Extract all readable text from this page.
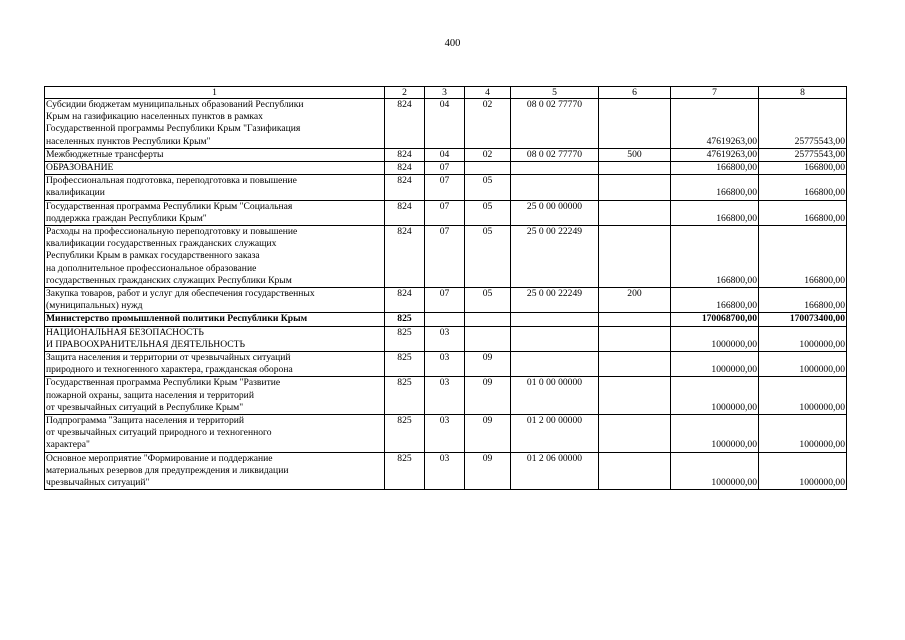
400
1	2	3	4	5	6	7	8

Субсидии бюджетам муниципальных образований Республики
Крым на газификацию населенных пунктов в рамках
Государственной программы Республики Крым "Газификация
населенных пунктов Республики Крым"	824	04	02	08 0 02 77770		47619263,00	25775543,00

Межбюджетные трансферты	824	04	02	08 0 02 77770	500	47619263,00	25775543,00

ОБРАЗОВАНИЕ	824	07				166800,00	166800,00

Профессиональная подготовка, переподготовка и повышение
квалификации	824	07	05			166800,00	166800,00

Государственная программа Республики Крым "Социальная
поддержка граждан Республики Крым"	824	07	05	25 0 00 00000		166800,00	166800,00

Расходы на профессиональную переподготовку и повышение
квалификации государственных гражданских служащих
Республики Крым в рамках государственного заказа
на дополнительное профессиональное образование
государственных гражданских служащих Республики Крым	824	07	05	25 0 00 22249		166800,00	166800,00

Закупка товаров, работ и услуг для обеспечения государственных
(муниципальных) нужд	824	07	05	25 0 00 22249	200	166800,00	166800,00

Министерство промышленной политики Республики Крым	825					170068700,00	170073400,00

НАЦИОНАЛЬНАЯ БЕЗОПАСНОСТЬ
И ПРАВООХРАНИТЕЛЬНАЯ ДЕЯТЕЛЬНОСТЬ	825	03				1000000,00	1000000,00

Защита населения и территории от чрезвычайных ситуаций
природного и техногенного характера, гражданская оборона	825	03	09			1000000,00	1000000,00

Государственная программа Республики Крым "Развитие
пожарной охраны, защита населения и территорий
от чрезвычайных ситуаций в Республике Крым"	825	03	09	01 0 00 00000		1000000,00	1000000,00

Подпрограмма "Защита населения и территорий
от чрезвычайных ситуаций природного и техногенного
характера"	825	03	09	01 2 00 00000		1000000,00	1000000,00

Основное мероприятие "Формирование и поддержание
материальных резервов для предупреждения и ликвидации
чрезвычайных ситуаций"	825	03	09	01 2 06 00000		1000000,00	1000000,00
